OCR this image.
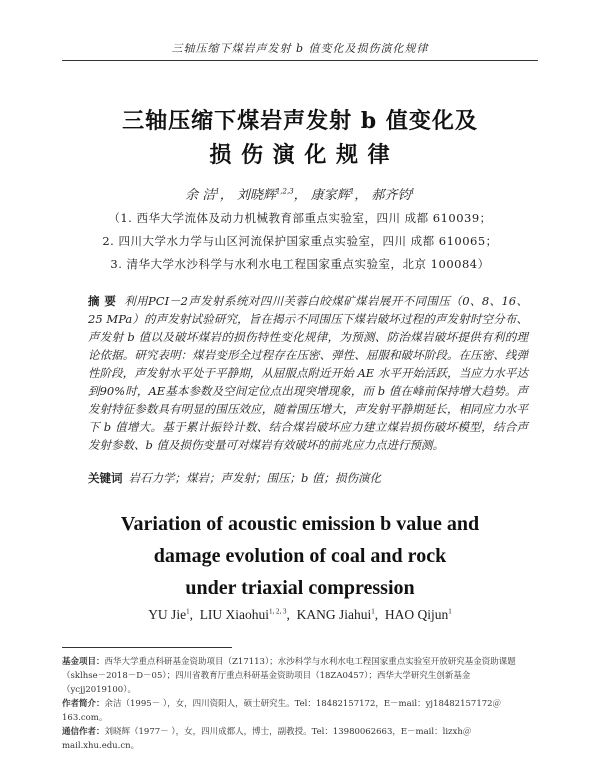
三轴压缩下煤岩声发射 b 值变化及损伤演化规律
三轴压缩下煤岩声发射 b 值变化及
损 伤 演 化 规 律
余 洁$^1$， 刘晓辉$^{1,2,3}$， 康家辉$^1$， 郝齐钧$^1$
（1. 西华大学流体及动力机械教育部重点实验室，四川 成都 610039；
2. 四川大学水力学与山区河流保护国家重点实验室，四川 成都 610065；
3. 清华大学水沙科学与水利水电工程国家重点实验室，北京 100084）
摘 要 利用PCI－2声发射系统对四川芙蓉白皎煤矿煤岩展开不同围压（0、8、16、25 MPa）的声发射试验研究，旨在揭示不同围压下煤岩破坏过程的声发射时空分布、声发射 b 值以及破坏煤岩的损伤特性变化规律，为预测、防治煤岩破坏提供有利的理论依据。研究表明：煤岩变形全过程存在压密、弹性、屈服和破坏阶段。在压密、线弹性阶段，声发射水平处于平静期，从屈服点附近开始 AE 水平开始活跃，当应力水平达到90%时，AE基本参数及空间定位点出现突增现象，而 b 值在峰前保持增大趋势。声发射特征参数具有明显的围压效应，随着围压增大，声发射平静期延长，相同应力水平下 b 值增大。基于累计振铃计数、结合煤岩破坏应力建立煤岩损伤破坏模型，结合声发射参数、b 值及损伤变量可对煤岩有效破坏的前兆应力点进行预测。
关键词 岩石力学；煤岩；声发射；围压；b 值；损伤演化
Variation of acoustic emission b value and
damage evolution of coal and rock
under triaxial compression
YU Jie$^1$,  LIU Xiaohui$^{1, 2, 3}$,  KANG Jiahui$^1$,  HAO Qijun$^1$

基金项目：西华大学重点科研基金资助项目（Z17113）；水沙科学与水利水电工程国家重点实验室开放研究基金资助课题（sklhse－2018－D－05）；四川省教育厅重点科研基金资助项目（18ZA0457）；西华大学研究生创新基金（ycjj2019100）。

作者简介：余洁（1995－ ），女，四川资阳人，硕士研究生。Tel：18482157172，E－mail：yj18482157172＠163.com。

通信作者：刘晓辉（1977－ ），女，四川成都人，博士，副教授。Tel：13980062663，E－mail：lizxh＠mail.xhu.edu.cn。
